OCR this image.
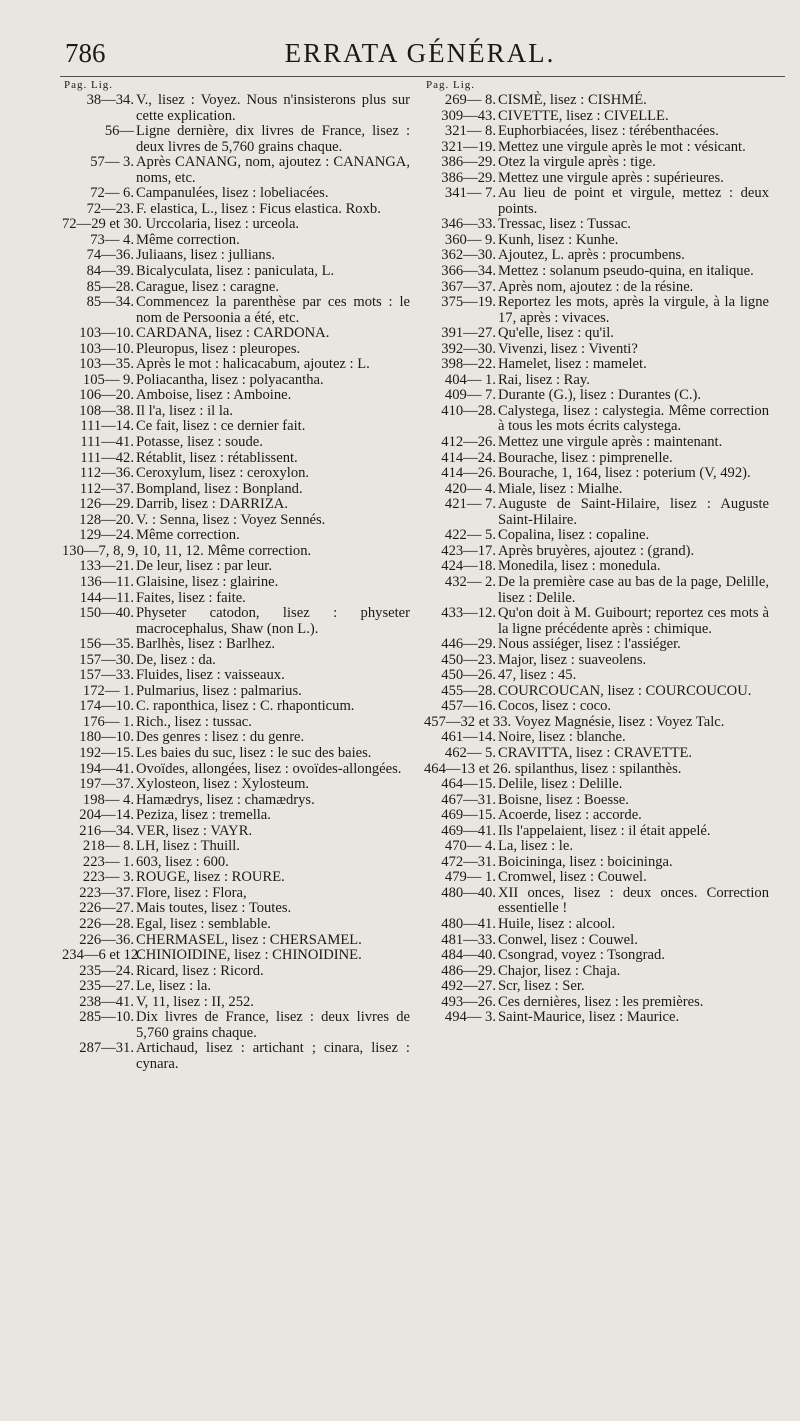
786	ERRATA GÉNÉRAL.
Pag. Lig.
38—34. V., lisez : Voyez. Nous n'insisterons plus sur cette explication.
56— Ligne dernière, dix livres de France, lisez : deux livres de 5,760 grains chaque.
57— 3. Après CANANG, nom, ajoutez : CANANGA, noms, etc.
72— 6. Campanulées, lisez : lobeliacées.
72—23. F. elastica, L., lisez : Ficus elastica. Roxb.
72—29 et 30. Urccolaria, lisez : urceola.
73— 4. Même correction.
74—36. Juliaans, lisez : jullians.
84—39. Bicalyculata, lisez : paniculata, L.
85—28. Carague, lisez : caragne.
85—34. Commencez la parenthèse par ces mots : le nom de Persoonia a été, etc.
103—10. CARDANA, lisez : CARDONA.
103—10. Pleuropus, lisez : pleuropes.
103—35. Après le mot : halicacabum, ajoutez : L.
105— 9. Poliacantha, lisez : polyacantha.
106—20. Amboise, lisez : Amboine.
108—38. Il l'a, lisez : il la.
111—14. Ce fait, lisez : ce dernier fait.
111—41. Potasse, lisez : soude.
111—42. Rétablit, lisez : rétablissent.
112—36. Ceroxylum, lisez : ceroxylon.
112—37. Bompland, lisez : Bonpland.
126—29. Darrib, lisez : DARRIZA.
128—20. V. : Senna, lisez : Voyez Sennés.
129—24. Même correction.
130—7, 8, 9, 10, 11, 12. Même correction.
133—21. De leur, lisez : par leur.
136—11. Glaisine, lisez : glairine.
144—11. Faites, lisez : faite.
150—40. Physeter catodon, lisez : physeter macrocephalus, Shaw (non L.).
156—35. Barlhès, lisez : Barlhez.
157—30. De, lisez : da.
157—33. Fluides, lisez : vaisseaux.
172— 1. Pulmarius, lisez : palmarius.
174—10. C. raponthica, lisez : C. rhaponticum.
176— 1. Rich., lisez : tussac.
180—10. Des genres : lisez : du genre.
192—15. Les baies du suc, lisez : le suc des baies.
194—41. Ovoïdes, allongées, lisez : ovoïdes-allongées.
197—37. Xylosteon, lisez : Xylosteum.
198— 4. Hamædrys, lisez : chamædrys.
204—14. Peziza, lisez : tremella.
216—34. VER, lisez : VAYR.
218— 8. LH, lisez : Thuill.
223— 1. 603, lisez : 600.
223— 3. ROUGE, lisez : ROURE.
223—37. Flore, lisez : Flora,
226—27. Mais toutes, lisez : Toutes.
226—28. Egal, lisez : semblable.
226—36. CHERMASEL, lisez : CHERSAMEL.
234—6 et 12.
CHINIOIDINE, lisez : CHINOIDINE.
235—24. Ricard, lisez : Ricord.
235—27. Le, lisez : la.
238—41. V, 11, lisez : II, 252.
285—10. Dix livres de France, lisez : deux livres de 5,760 grains chaque.
287—31. Artichaud, lisez : artichant ; cinara, lisez : cynara.
Pag. Lig.
269— 8. CISMÈ, lisez : CISHMÉ.
309—43. CIVETTE, lisez : CIVELLE.
321— 8. Euphorbiacées, lisez : térébenthacées.
321—19. Mettez une virgule après le mot : vésicant.
386—29. Otez la virgule après : tige.
386—29. Mettez une virgule après : supérieures.
341— 7. Au lieu de point et virgule, mettez : deux points.
346—33. Tressac, lisez : Tussac.
360— 9. Kunh, lisez : Kunhe.
362—30. Ajoutez, L. après : procumbens.
366—34. Mettez : solanum pseudo-quina, en italique.
367—37. Après nom, ajoutez : de la résine.
375—19. Reportez les mots, après la virgule, à la ligne 17, après : vivaces.
391—27. Qu'elle, lisez : qu'il.
392—30. Vivenzi, lisez : Viventi?
398—22. Hamelet, lisez : mamelet.
404— 1. Rai, lisez : Ray.
409— 7. Durante (G.), lisez : Durantes (C.).
410—28. Calystega, lisez : calystegia. Même correction à tous les mots écrits calystega.
412—26. Mettez une virgule après : maintenant.
414—24. Bourache, lisez : pimprenelle.
414—26. Bourache, 1, 164, lisez : poterium (V, 492).
420— 4. Miale, lisez : Mialhe.
421— 7. Auguste de Saint-Hilaire, lisez : Auguste Saint-Hilaire.
422— 5. Copalina, lisez : copaline.
423—17. Après bruyères, ajoutez : (grand).
424—18. Monedila, lisez : monedula.
432— 2. De la première case au bas de la page, Delille, lisez : Delile.
433—12. Qu'on doit à M. Guibourt; reportez ces mots à la ligne précédente après : chimique.
446—29. Nous assiéger, lisez : l'assiéger.
450—23. Major, lisez : suaveolens.
450—26. 47, lisez : 45.
455—28. COURCOUCAN, lisez : COURCOUCOU.
457—16. Cocos, lisez : coco.
457—32 et 33. Voyez Magnésie, lisez : Voyez Talc.
461—14. Noire, lisez : blanche.
462— 5. CRAVITTA, lisez : CRAVETTE.
464—13 et 26. spilanthus, lisez : spilanthès.
464—15. Delile, lisez : Delille.
467—31. Boisne, lisez : Boesse.
469—15. Acoerde, lisez : accorde.
469—41. Ils l'appelaient, lisez : il était appelé.
470— 4. La, lisez : le.
472—31. Boicininga, lisez : boiciningа.
479— 1. Cromwel, lisez : Couwel.
480—40. XII onces, lisez : deux onces. Correction essentielle !
480—41. Huile, lisez : alcool.
481—33. Conwel, lisez : Couwel.
484—40. Csongrad, voyez : Tsongrad.
486—29. Chajor, lisez : Chaja.
492—27. Scr, lisez : Ser.
493—26. Ces dernières, lisez : les premières.
494— 3. Saint-Maurice, lisez : Maurice.
